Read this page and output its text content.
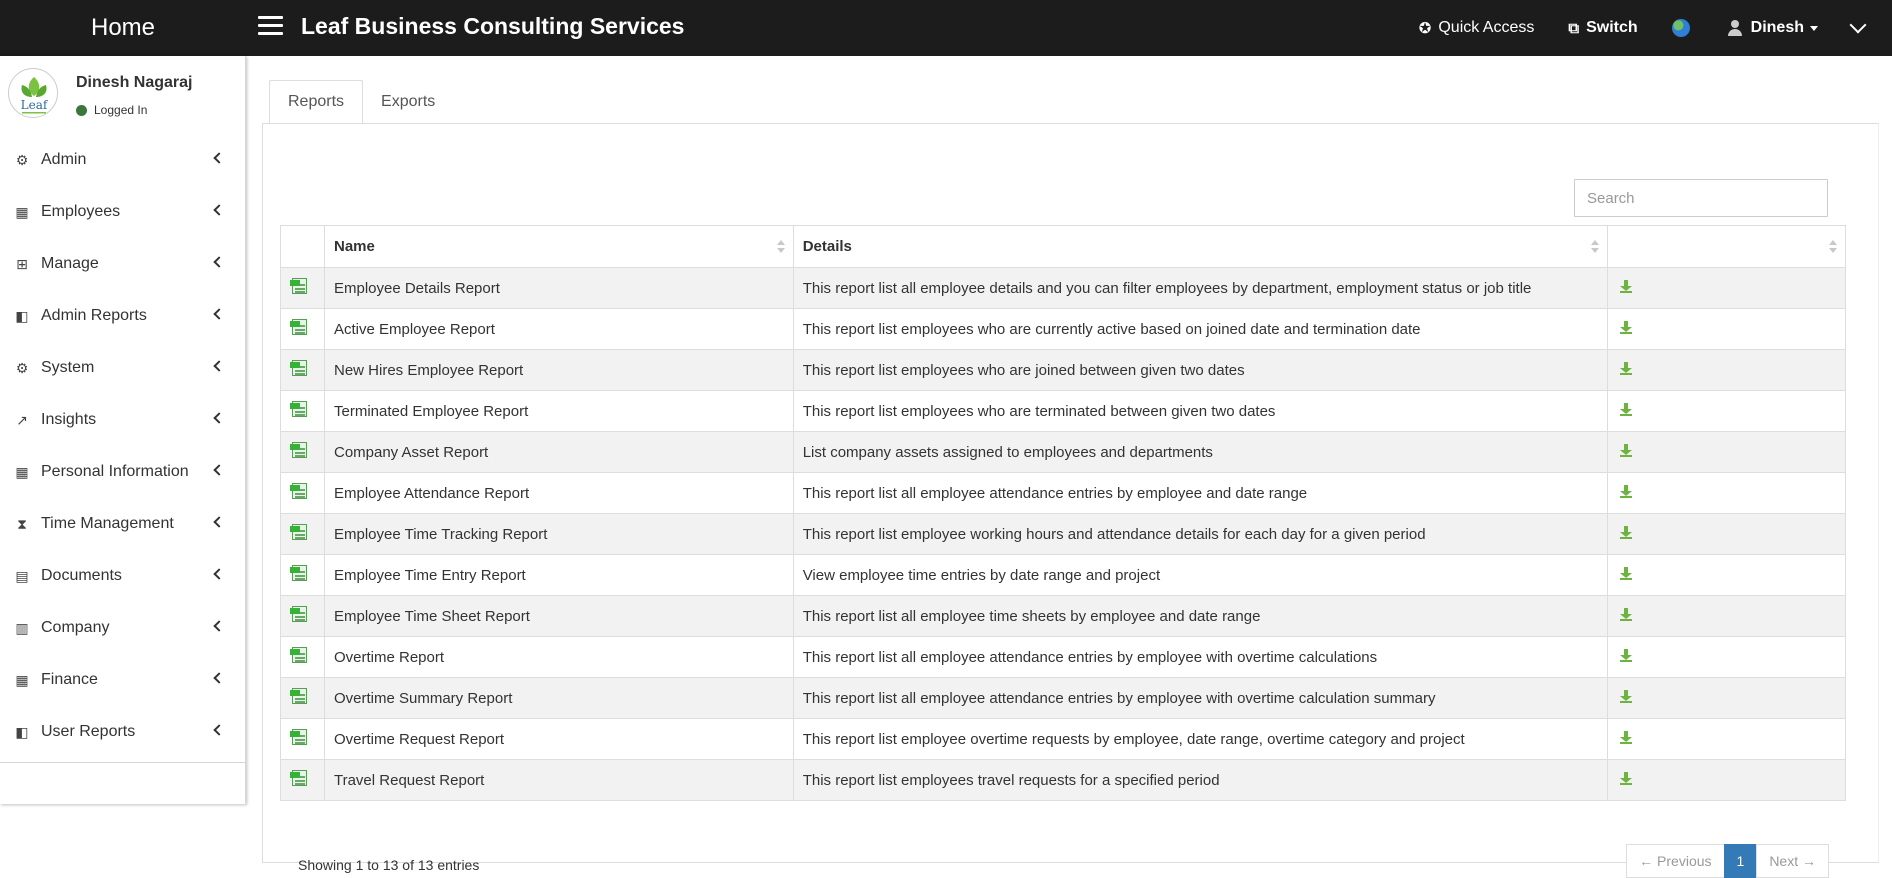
Home	Leaf Business Consulting Services	✪ Quick Access ⧉ Switch	Dinesh
Leaf
Dinesh Nagaraj
Logged In
⚙ Admin
▦ Employees
⊞ Manage
◧ Admin Reports
⚙ System
↗ Insights
▦ Personal Information
⧗ Time Management
▤ Documents
▥ Company
▦ Finance
◧ User Reports
Reports	Exports
Search
	Name	Details

	Employee Details Report	This report list all employee details and you can filter employees by department, employment status or job title	

	Active Employee Report	This report list employees who are currently active based on joined date and termination date	

	New Hires Employee Report	This report list employees who are joined between given two dates	

	Terminated Employee Report	This report list employees who are terminated between given two dates	

	Company Asset Report	List company assets assigned to employees and departments	

	Employee Attendance Report	This report list all employee attendance entries by employee and date range	

	Employee Time Tracking Report	This report list employee working hours and attendance details for each day for a given period	

	Employee Time Entry Report	View employee time entries by date range and project	

	Employee Time Sheet Report	This report list all employee time sheets by employee and date range	

	Overtime Report	This report list all employee attendance entries by employee with overtime calculations	

	Overtime Summary Report	This report list all employee attendance entries by employee with overtime calculation summary	

	Overtime Request Report	This report list employee overtime requests by employee, date range, overtime category and project	

	Travel Request Report	This report list employees travel requests for a specified period	
Showing 1 to 13 of 13 entries	← Previous	1	Next →
